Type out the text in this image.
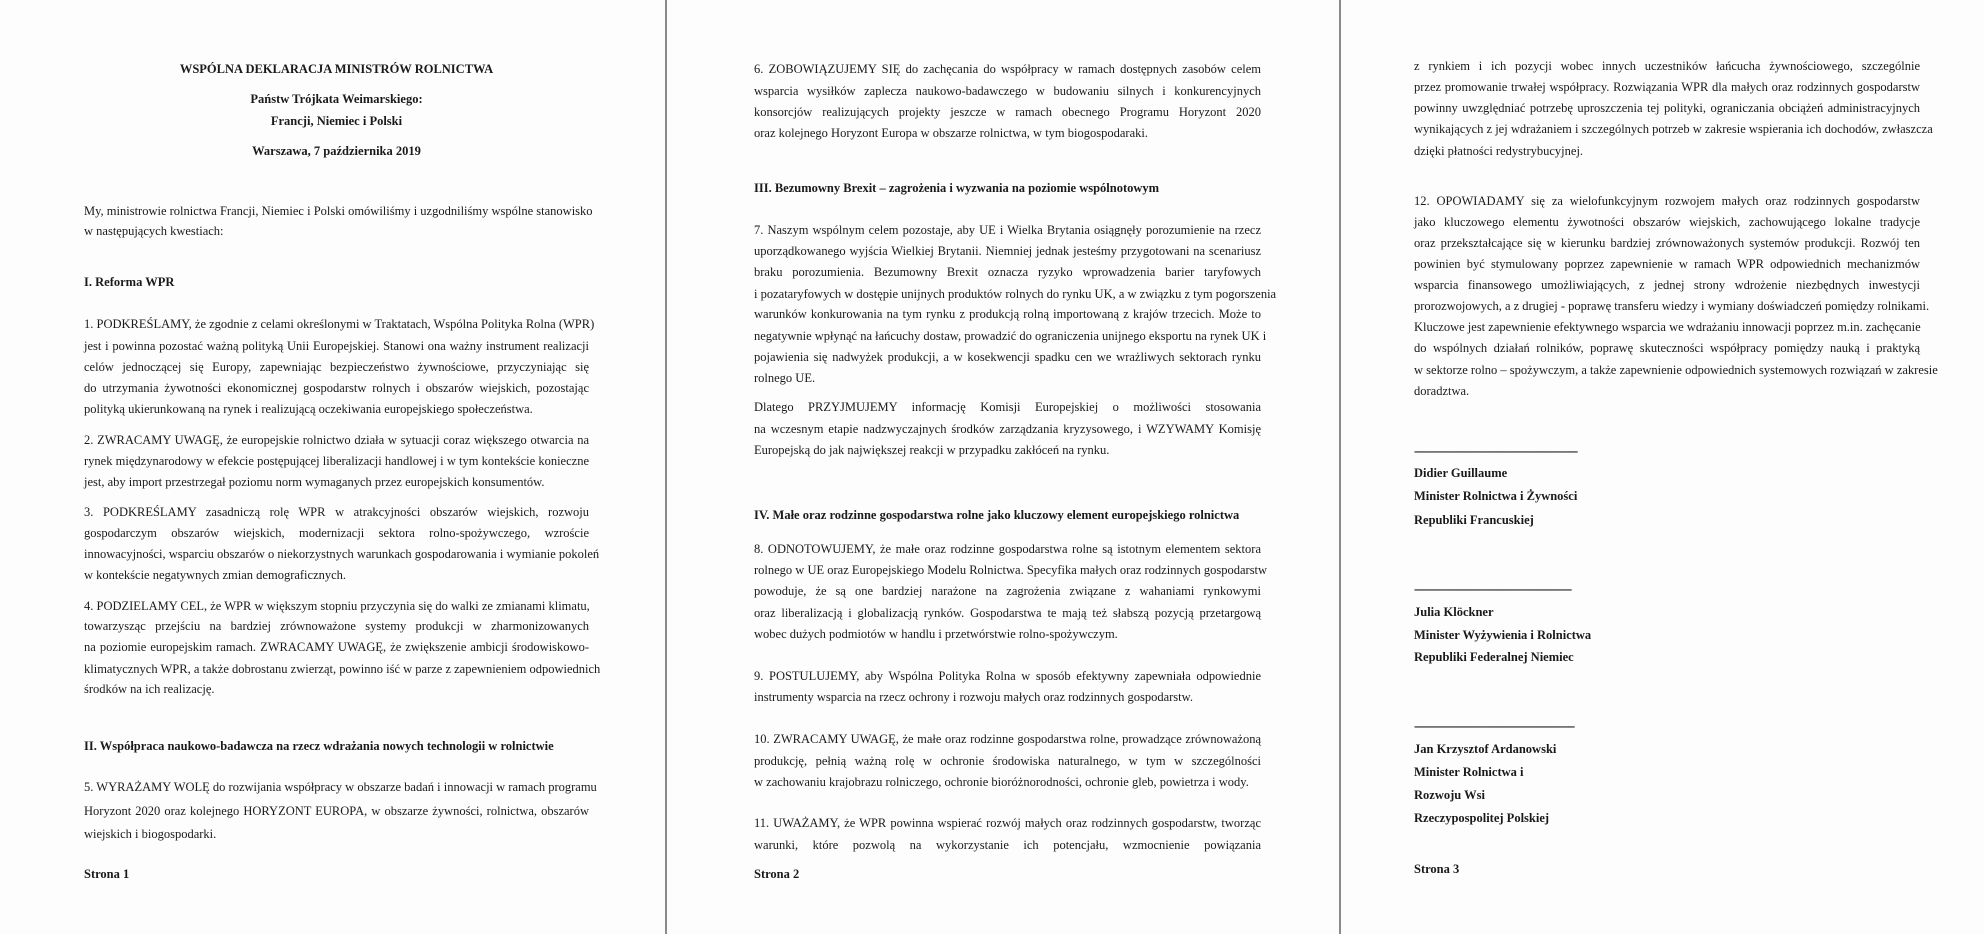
WSPÓLNA DEKLARACJA MINISTRÓW ROLNICTWA
Państw Trójkata Weimarskiego:
Francji, Niemiec i Polski
Warszawa, 7 października 2019
My, ministrowie rolnictwa Francji, Niemiec i Polski omówiliśmy i uzgodniliśmy wspólne stanowisko
w następujących kwestiach:
I. Reforma WPR
1. PODKREŚLAMY, że zgodnie z celami określonymi w Traktatach, Wspólna Polityka Rolna (WPR)
jest i powinna pozostać ważną polityką Unii Europejskiej. Stanowi ona ważny instrument realizacji
celów jednoczącej się Europy, zapewniając bezpieczeństwo żywnościowe, przyczyniając się
do utrzymania żywotności ekonomicznej gospodarstw rolnych i obszarów wiejskich, pozostając
polityką ukierunkowaną na rynek i realizującą oczekiwania europejskiego społeczeństwa.
2. ZWRACAMY UWAGĘ, że europejskie rolnictwo działa w sytuacji coraz większego otwarcia na
rynek międzynarodowy w efekcie postępującej liberalizacji handlowej i w tym kontekście konieczne
jest, aby import przestrzegał poziomu norm wymaganych przez europejskich konsumentów.
3. PODKREŚLAMY zasadniczą rolę WPR w atrakcyjności obszarów wiejskich, rozwoju
gospodarczym obszarów wiejskich, modernizacji sektora rolno-spożywczego, wzroście
innowacyjności, wsparciu obszarów o niekorzystnych warunkach gospodarowania i wymianie pokoleń
w kontekście negatywnych zmian demograficznych.
4. PODZIELAMY CEL, że WPR w większym stopniu przyczynia się do walki ze zmianami klimatu,
towarzysząc przejściu na bardziej zrównoważone systemy produkcji w zharmonizowanych
na poziomie europejskim ramach. ZWRACAMY UWAGĘ, że zwiększenie ambicji środowiskowo-
klimatycznych WPR, a także dobrostanu zwierząt, powinno iść w parze z zapewnieniem odpowiednich
środków na ich realizację.
II. Współpraca naukowo-badawcza na rzecz wdrażania nowych technologii w rolnictwie
5. WYRAŻAMY WOLĘ do rozwijania współpracy w obszarze badań i innowacji w ramach programu
Horyzont 2020 oraz kolejnego HORYZONT EUROPA, w obszarze żywności, rolnictwa, obszarów
wiejskich i biogospodarki.
Strona 1
6. ZOBOWIĄZUJEMY SIĘ do zachęcania do współpracy w ramach dostępnych zasobów celem
wsparcia wysiłków zaplecza naukowo-badawczego w budowaniu silnych i konkurencyjnych
konsorcjów realizujących projekty jeszcze w ramach obecnego Programu Horyzont 2020
oraz kolejnego Horyzont Europa w obszarze rolnictwa, w tym biogospodaraki.
III. Bezumowny Brexit – zagrożenia i wyzwania na poziomie wspólnotowym
7. Naszym wspólnym celem pozostaje, aby UE i Wielka Brytania osiągnęły porozumienie na rzecz
uporządkowanego wyjścia Wielkiej Brytanii. Niemniej jednak jesteśmy przygotowani na scenariusz
braku porozumienia. Bezumowny Brexit oznacza ryzyko wprowadzenia barier taryfowych
i pozataryfowych w dostępie unijnych produktów rolnych do rynku UK, a w związku z tym pogorszenia
warunków konkurowania na tym rynku z produkcją rolną importowaną z krajów trzecich. Może to
negatywnie wpłynąć na łańcuchy dostaw, prowadzić do ograniczenia unijnego eksportu na rynek UK i
pojawienia się nadwyżek produkcji, a w kosekwencji spadku cen we wrażliwych sektorach rynku
rolnego UE.
Dlatego PRZYJMUJEMY informację Komisji Europejskiej o możliwości stosowania
na wczesnym etapie nadzwyczajnych środków zarządzania kryzysowego, i WZYWAMY Komisję
Europejską do jak największej reakcji w przypadku zakłóceń na rynku.
IV. Małe oraz rodzinne gospodarstwa rolne jako kluczowy element europejskiego rolnictwa
8. ODNOTOWUJEMY, że małe oraz rodzinne gospodarstwa rolne są istotnym elementem sektora
rolnego w UE oraz Europejskiego Modelu Rolnictwa. Specyfika małych oraz rodzinnych gospodarstw
powoduje, że są one bardziej narażone na zagrożenia związane z wahaniami rynkowymi
oraz liberalizacją i globalizacją rynków. Gospodarstwa te mają też słabszą pozycją przetargową
wobec dużych podmiotów w handlu i przetwórstwie rolno-spożywczym.
9. POSTULUJEMY, aby Wspólna Polityka Rolna w sposób efektywny zapewniała odpowiednie
instrumenty wsparcia na rzecz ochrony i rozwoju małych oraz rodzinnych gospodarstw.
10. ZWRACAMY UWAGĘ, że małe oraz rodzinne gospodarstwa rolne, prowadzące zrównoważoną
produkcję, pełnią ważną rolę w ochronie środowiska naturalnego, w tym w szczególności
w zachowaniu krajobrazu rolniczego, ochronie bioróżnorodności, ochronie gleb, powietrza i wody.
11. UWAŻAMY, że WPR powinna wspierać rozwój małych oraz rodzinnych gospodarstw, tworząc
warunki, które pozwolą na wykorzystanie ich potencjału, wzmocnienie powiązania
Strona 2
z rynkiem i ich pozycji wobec innych uczestników łańcucha żywnościowego, szczególnie
przez promowanie trwałej współpracy. Rozwiązania WPR dla małych oraz rodzinnych gospodarstw
powinny uwzględniać potrzebę uproszczenia tej polityki, ograniczania obciążeń administracyjnych
wynikających z jej wdrażaniem i szczególnych potrzeb w zakresie wspierania ich dochodów, zwłaszcza
dzięki płatności redystrybucyjnej.
12. OPOWIADAMY się za wielofunkcyjnym rozwojem małych oraz rodzinnych gospodarstw
jako kluczowego elementu żywotności obszarów wiejskich, zachowującego lokalne tradycje
oraz przekształcające się w kierunku bardziej zrównoważonych systemów produkcji. Rozwój ten
powinien być stymulowany poprzez zapewnienie w ramach WPR odpowiednich mechanizmów
wsparcia finansowego umożliwiających, z jednej strony wdrożenie niezbędnych inwestycji
prorozwojowych, a z drugiej - poprawę transferu wiedzy i wymiany doświadczeń pomiędzy rolnikami.
Kluczowe jest zapewnienie efektywnego wsparcia we wdrażaniu innowacji poprzez m.in. zachęcanie
do wspólnych działań rolników, poprawę skuteczności współpracy pomiędzy nauką i praktyką
w sektorze rolno – spożywczym, a także zapewnienie odpowiednich systemowych rozwiązań w zakresie
doradztwa.
-------------------------------------------------------
Didier Guillaume
Minister Rolnictwa i Żywności
Republiki Francuskiej
-----------------------------------------------------
Julia Klöckner
Minister Wyżywienia i Rolnictwa
Republiki Federalnej Niemiec
------------------------------------------------------
Jan Krzysztof Ardanowski
Minister Rolnictwa i
Rozwoju Wsi
Rzeczypospolitej Polskiej
Strona 3
